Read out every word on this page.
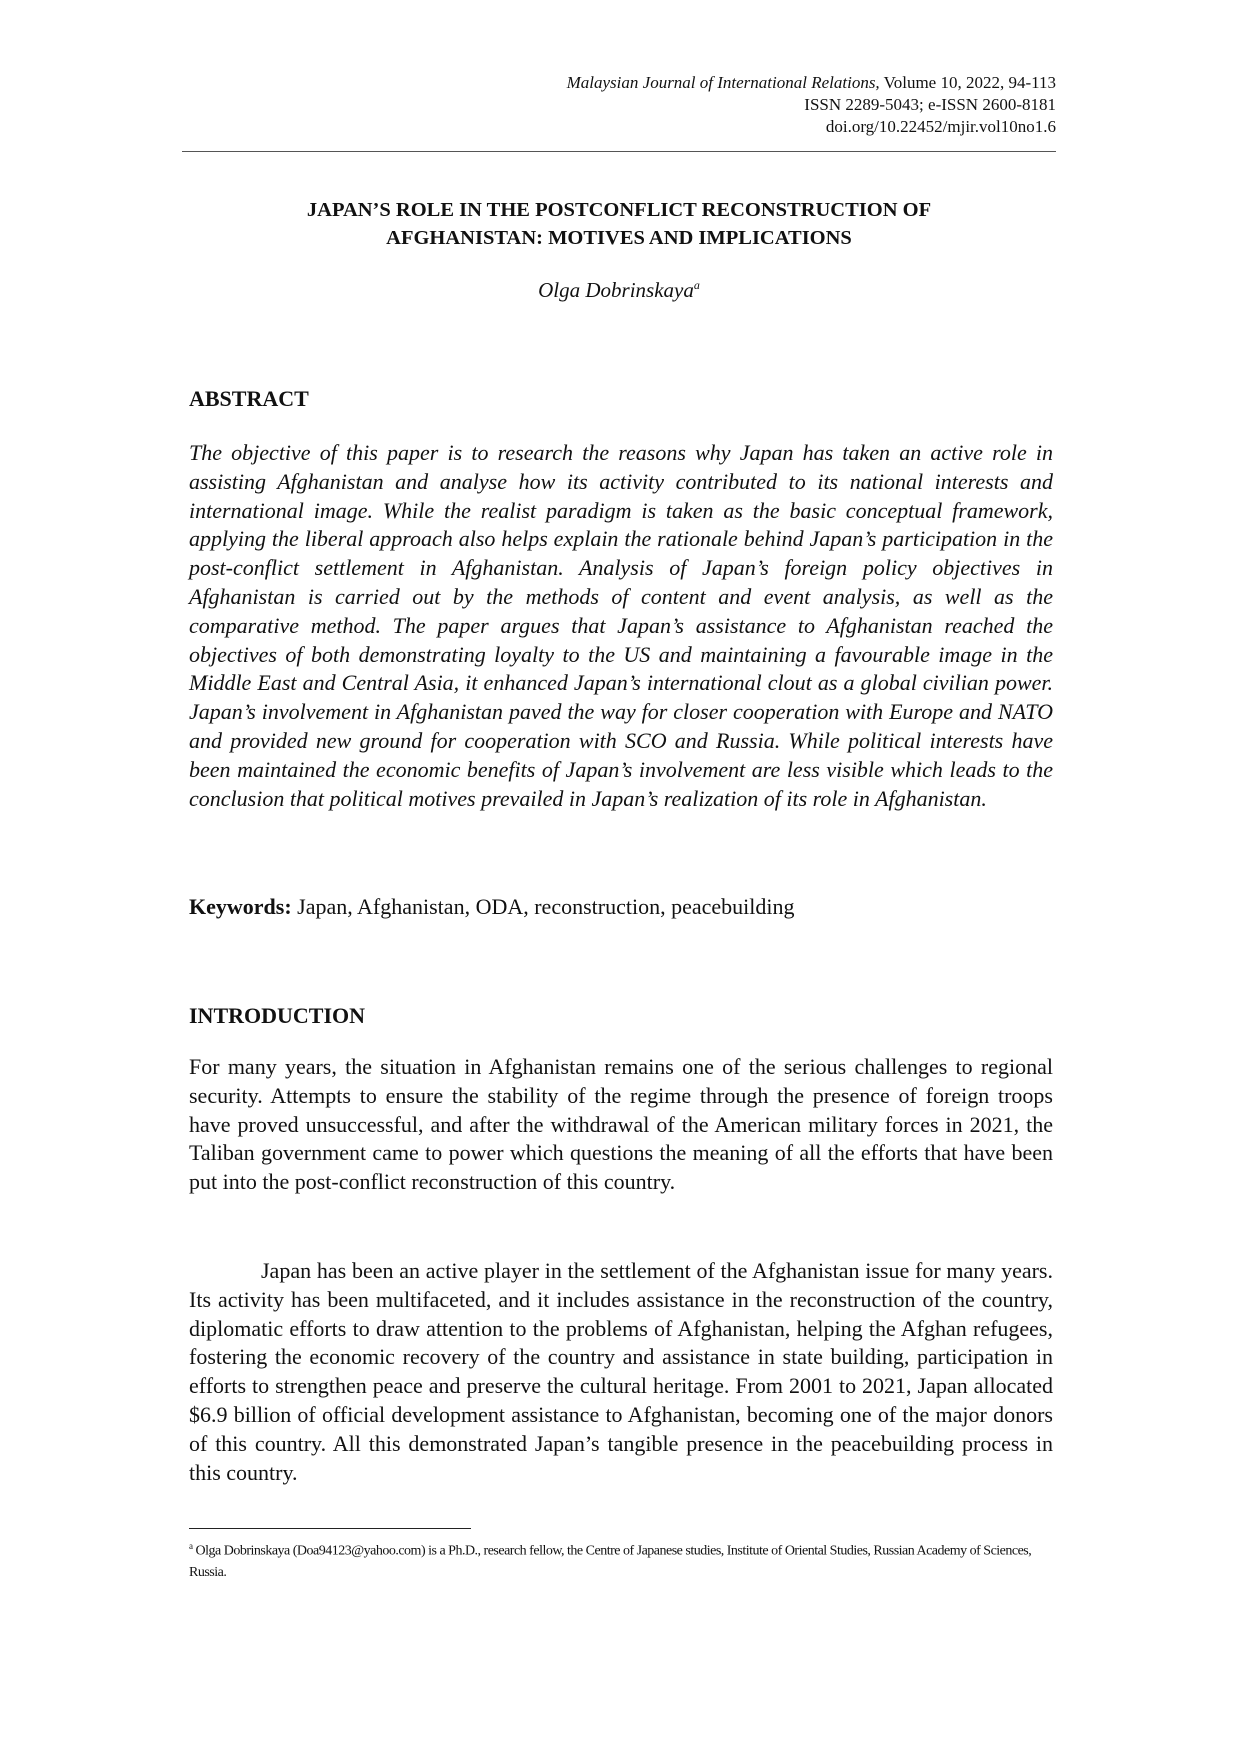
Malaysian Journal of International Relations, Volume 10, 2022, 94-113
ISSN 2289-5043; e-ISSN 2600-8181
doi.org/10.22452/mjir.vol10no1.6
JAPAN’S ROLE IN THE POSTCONFLICT RECONSTRUCTION OF
AFGHANISTAN: MOTIVES AND IMPLICATIONS
Olga Dobrinskaya$^a$
ABSTRACT

The objective of this paper is to research the reasons why Japan has taken an active role in assisting Afghanistan and analyse how its activity contributed to its national interests and international image. While the realist paradigm is taken as the basic conceptual framework, applying the liberal approach also helps explain the rationale behind Japan’s participation in the post-conflict settlement in Afghanistan. Analysis of Japan’s foreign policy objectives in Afghanistan is carried out by the methods of content and event analysis, as well as the comparative method. The paper argues that Japan’s assistance to Afghanistan reached the objectives of both demonstrating loyalty to the US and maintaining a favourable image in the Middle East and Central Asia, it enhanced Japan’s international clout as a global civilian power. Japan’s involvement in Afghanistan paved the way for closer cooperation with Europe and NATO and provided new ground for cooperation with SCO and Russia. While political interests have been maintained the economic benefits of Japan’s involvement are less visible which leads to the conclusion that political motives prevailed in Japan’s realization of its role in Afghanistan.

Keywords: Japan, Afghanistan, ODA, reconstruction, peacebuilding

INTRODUCTION

For many years, the situation in Afghanistan remains one of the serious challenges to regional security. Attempts to ensure the stability of the regime through the presence of foreign troops have proved unsuccessful, and after the withdrawal of the American military forces in 2021, the Taliban government came to power which questions the meaning of all the efforts that have been put into the post-conflict reconstruction of this country.

Japan has been an active player in the settlement of the Afghanistan issue for many years. Its activity has been multifaceted, and it includes assistance in the reconstruction of the country, diplomatic efforts to draw attention to the problems of Afghanistan, helping the Afghan refugees, fostering the economic recovery of the country and assistance in state building, participation in efforts to strengthen peace and preserve the cultural heritage. From 2001 to 2021, Japan allocated $6.9 billion of official development assistance to Afghanistan, becoming one of the major donors of this country. All this demonstrated Japan’s tangible presence in the peacebuilding process in this country.

$^a$ Olga Dobrinskaya (Doa94123@yahoo.com) is a Ph.D., research fellow, the Centre of Japanese studies, Institute of Oriental Studies, Russian Academy of Sciences, Russia.
